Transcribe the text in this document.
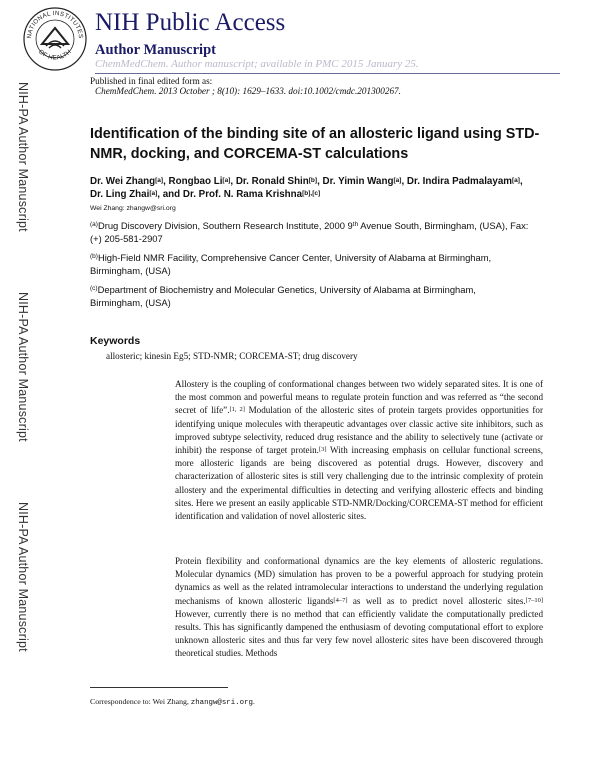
NIH-PA Author Manuscript
NIH-PA Author Manuscript
NIH-PA Author Manuscript
NATIONAL INSTITUTES
OF HEALTH
NIH Public Access
Author Manuscript
ChemMedChem. Author manuscript; available in PMC 2015 January 25.
Published in final edited form as:
ChemMedChem. 2013 October ; 8(10): 1629–1633. doi:10.1002/cmdc.201300267.
Identification of the binding site of an allosteric ligand using STD-NMR, docking, and CORCEMA-ST calculations
Dr. Wei Zhang[a], Rongbao Li[a], Dr. Ronald Shin[b], Dr. Yimin Wang[a], Dr. Indira Padmalayam[a], Dr. Ling Zhai[a], and Dr. Prof. N. Rama Krishna[b],[c]
Wei Zhang: zhangw@sri.org
$^{(a)}$Drug Discovery Division, Southern Research Institute, 2000 9th Avenue South, Birmingham, (USA), Fax: (+) 205-581-2907
$^{(b)}$High-Field NMR Facility, Comprehensive Cancer Center, University of Alabama at Birmingham, Birmingham, (USA)
$^{(c)}$Department of Biochemistry and Molecular Genetics, University of Alabama at Birmingham, Birmingham, (USA)
Keywords
allosteric; kinesin Eg5; STD-NMR; CORCEMA-ST; drug discovery
Allostery is the coupling of conformational changes between two widely separated sites. It is one of the most common and powerful means to regulate protein function and was referred as “the second secret of life”.[1, 2] Modulation of the allosteric sites of protein targets provides opportunities for identifying unique molecules with therapeutic advantages over classic active site inhibitors, such as improved subtype selectivity, reduced drug resistance and the ability to selectively tune (activate or inhibit) the response of target protein.[3] With increasing emphasis on cellular functional screens, more allosteric ligands are being discovered as potential drugs. However, discovery and characterization of allosteric sites is still very challenging due to the intrinsic complexity of protein allostery and the experimental difficulties in detecting and verifying allosteric effects and binding sites. Here we present an easily applicable STD-NMR/Docking/CORCEMA-ST method for efficient identification and validation of novel allosteric sites.
Protein flexibility and conformational dynamics are the key elements of allosteric regulations. Molecular dynamics (MD) simulation has proven to be a powerful approach for studying protein dynamics as well as the related intramolecular interactions to understand the underlying regulation mechanisms of known allosteric ligands[4–7] as well as to predict novel allosteric sites.[7–10] However, currently there is no method that can efficiently validate the computationally predicted results. This has significantly dampened the enthusiasm of devoting computational effort to explore unknown allosteric sites and thus far very few novel allosteric sites have been discovered through theoretical studies. Methods
Correspondence to: Wei Zhang, zhangw@sri.org.
